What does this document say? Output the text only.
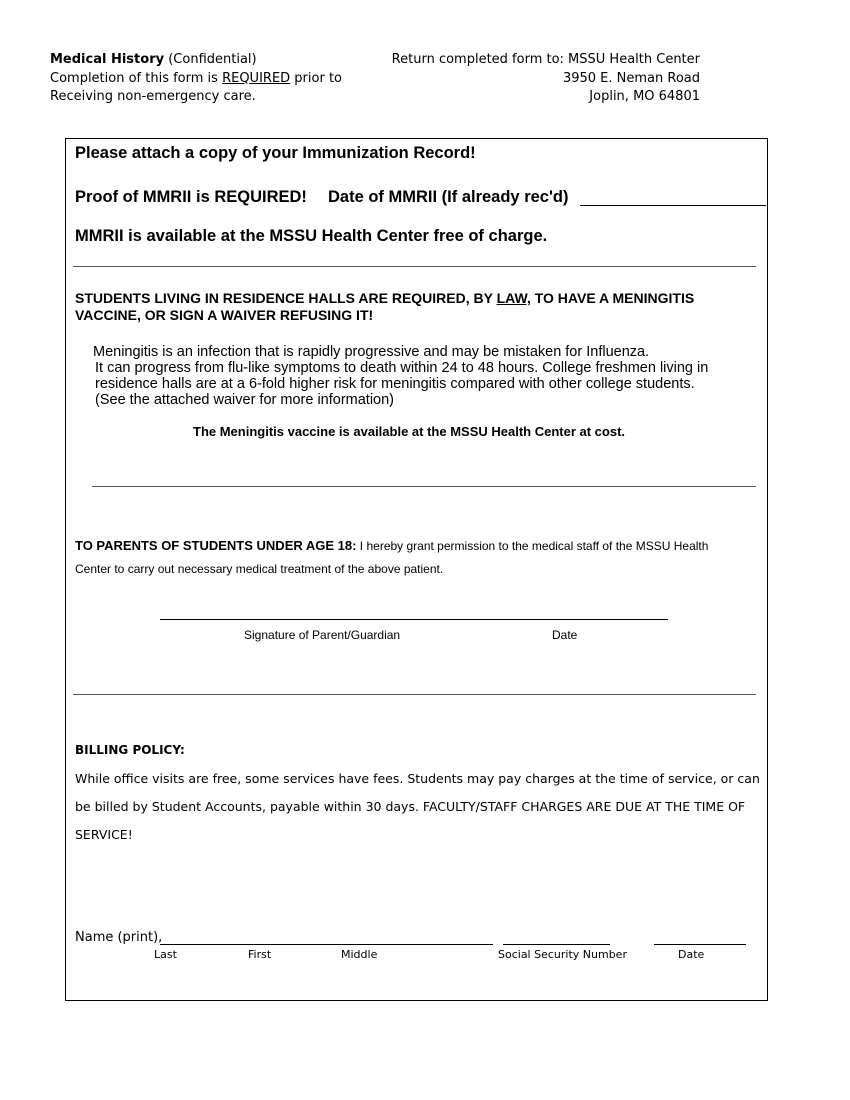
Medical History (Confidential)
Completion of this form is REQUIRED prior to
Receiving non-emergency care.
Return completed form to: MSSU Health Center
3950 E. Neman Road
Joplin, MO 64801
Please attach a copy of your Immunization Record!
Proof of MMRII is REQUIRED! Date of MMRII (If already rec'd)
MMRII is available at the MSSU Health Center free of charge.
STUDENTS LIVING IN RESIDENCE HALLS ARE REQUIRED, BY LAW, TO HAVE A MENINGITIS
VACCINE, OR SIGN A WAIVER REFUSING IT!
Meningitis is an infection that is rapidly progressive and may be mistaken for Influenza.
It can progress from flu-like symptoms to death within 24 to 48 hours. College freshmen living in
residence halls are at a 6-fold higher risk for meningitis compared with other college students.
(See the attached waiver for more information)
The Meningitis vaccine is available at the MSSU Health Center at cost.
TO PARENTS OF STUDENTS UNDER AGE 18: I hereby grant permission to the medical staff of the MSSU Health
Center to carry out necessary medical treatment of the above patient.
Signature of Parent/Guardian	Date
BILLING POLICY:
While office visits are free, some services have fees. Students may pay charges at the time of service, or can
be billed by Student Accounts, payable within 30 days. FACULTY/STAFF CHARGES ARE DUE AT THE TIME OF
SERVICE!
Name (print),
Last	First	Middle	Social Security Number	Date
